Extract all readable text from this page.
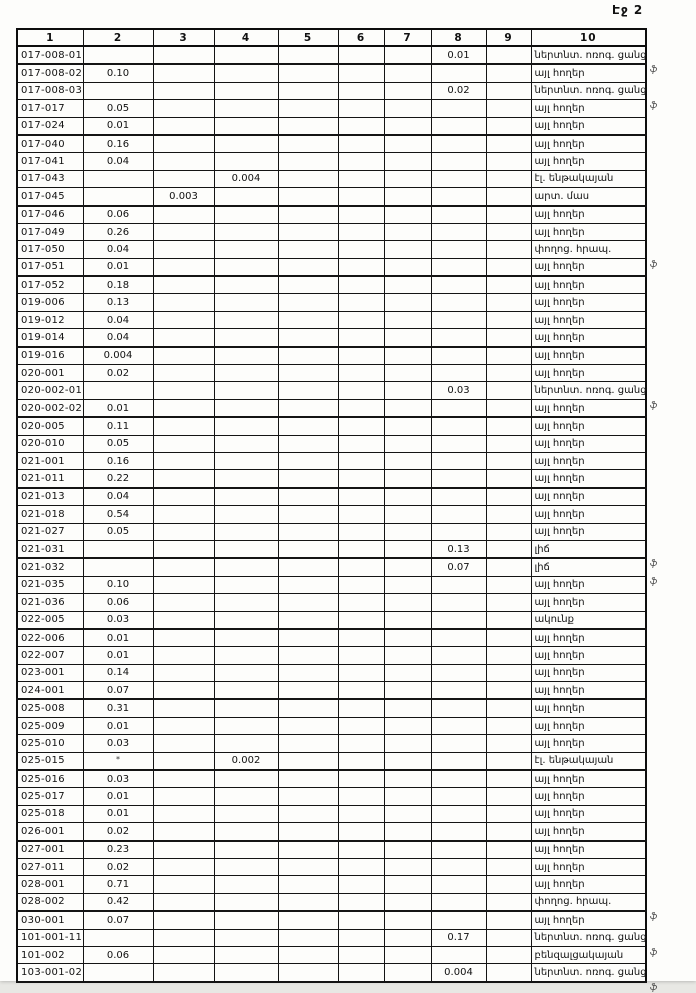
Էջ 2
1	2	3	4	5	6	7	8	9	10
017-008-01							0.01		ներտնտ. ոռոգ. ցանց
017-008-02	0.10								այլ հողեր
017-008-03							0.02		ներտնտ. ոռոգ. ցանց
017-017	0.05								այլ հողեր
017-024	0.01								այլ հողեր
017-040	0.16								այլ հողեր
017-041	0.04								այլ հողեր
017-043			0.004						էլ. ենթակայան
017-045		0.003							արտ. մաս
017-046	0.06								այլ հողեր
017-049	0.26								այլ հողեր
017-050	0.04								փողոց. հրապ.
017-051	0.01								այլ հողեր
017-052	0.18								այլ հողեր
019-006	0.13								այլ հողեր
019-012	0.04								այլ հողեր
019-014	0.04								այլ հողեր
019-016	0.004								այլ հողեր
020-001	0.02								այլ հողեր
020-002-01							0.03		ներտնտ. ոռոգ. ցանց
020-002-02	0.01								այլ հողեր
020-005	0.11								այլ հողեր
020-010	0.05								այլ հողեր
021-001	0.16								այլ հողեր
021-011	0.22								այլ հողեր
021-013	0.04								այլ ոողեր
021-018	0.54								այլ հողեր
021-027	0.05								այլ հողեր
021-031							0.13		լիճ
021-032							0.07		լիճ
021-035	0.10								այլ հողեր
021-036	0.06								այլ հողեր
022-005	0.03								ակունք
022-006	0.01								այլ հողեր
022-007	0.01								այլ հողեր
023-001	0.14								այլ հողեր
024-001	0.07								այլ հողեր
025-008	0.31								այլ հողեր
025-009	0.01								այլ հողեր
025-010	0.03								այլ հողեր
025-015	*		0.002						էլ. ենթակայան
025-016	0.03								այլ հողեր
025-017	0.01								այլ հողեր
025-018	0.01								այլ հողեր
026-001	0.02								այլ հողեր
027-001	0.23								այլ հողեր
027-011	0.02								այլ հողեր
028-001	0.71								այլ հողեր
028-002	0.42								փողոց. հրապ.
030-001	0.07								այլ հողեր
101-001-11							0.17		ներտնտ. ոռոգ. ցանց
101-002	0.06								բենզալցակայան
103-001-02							0.004		ներտնտ. ոռոգ. ցանց
ֆ
ֆ
ֆ
ֆ
ֆ
ֆ
ֆ
ֆ
ֆ
